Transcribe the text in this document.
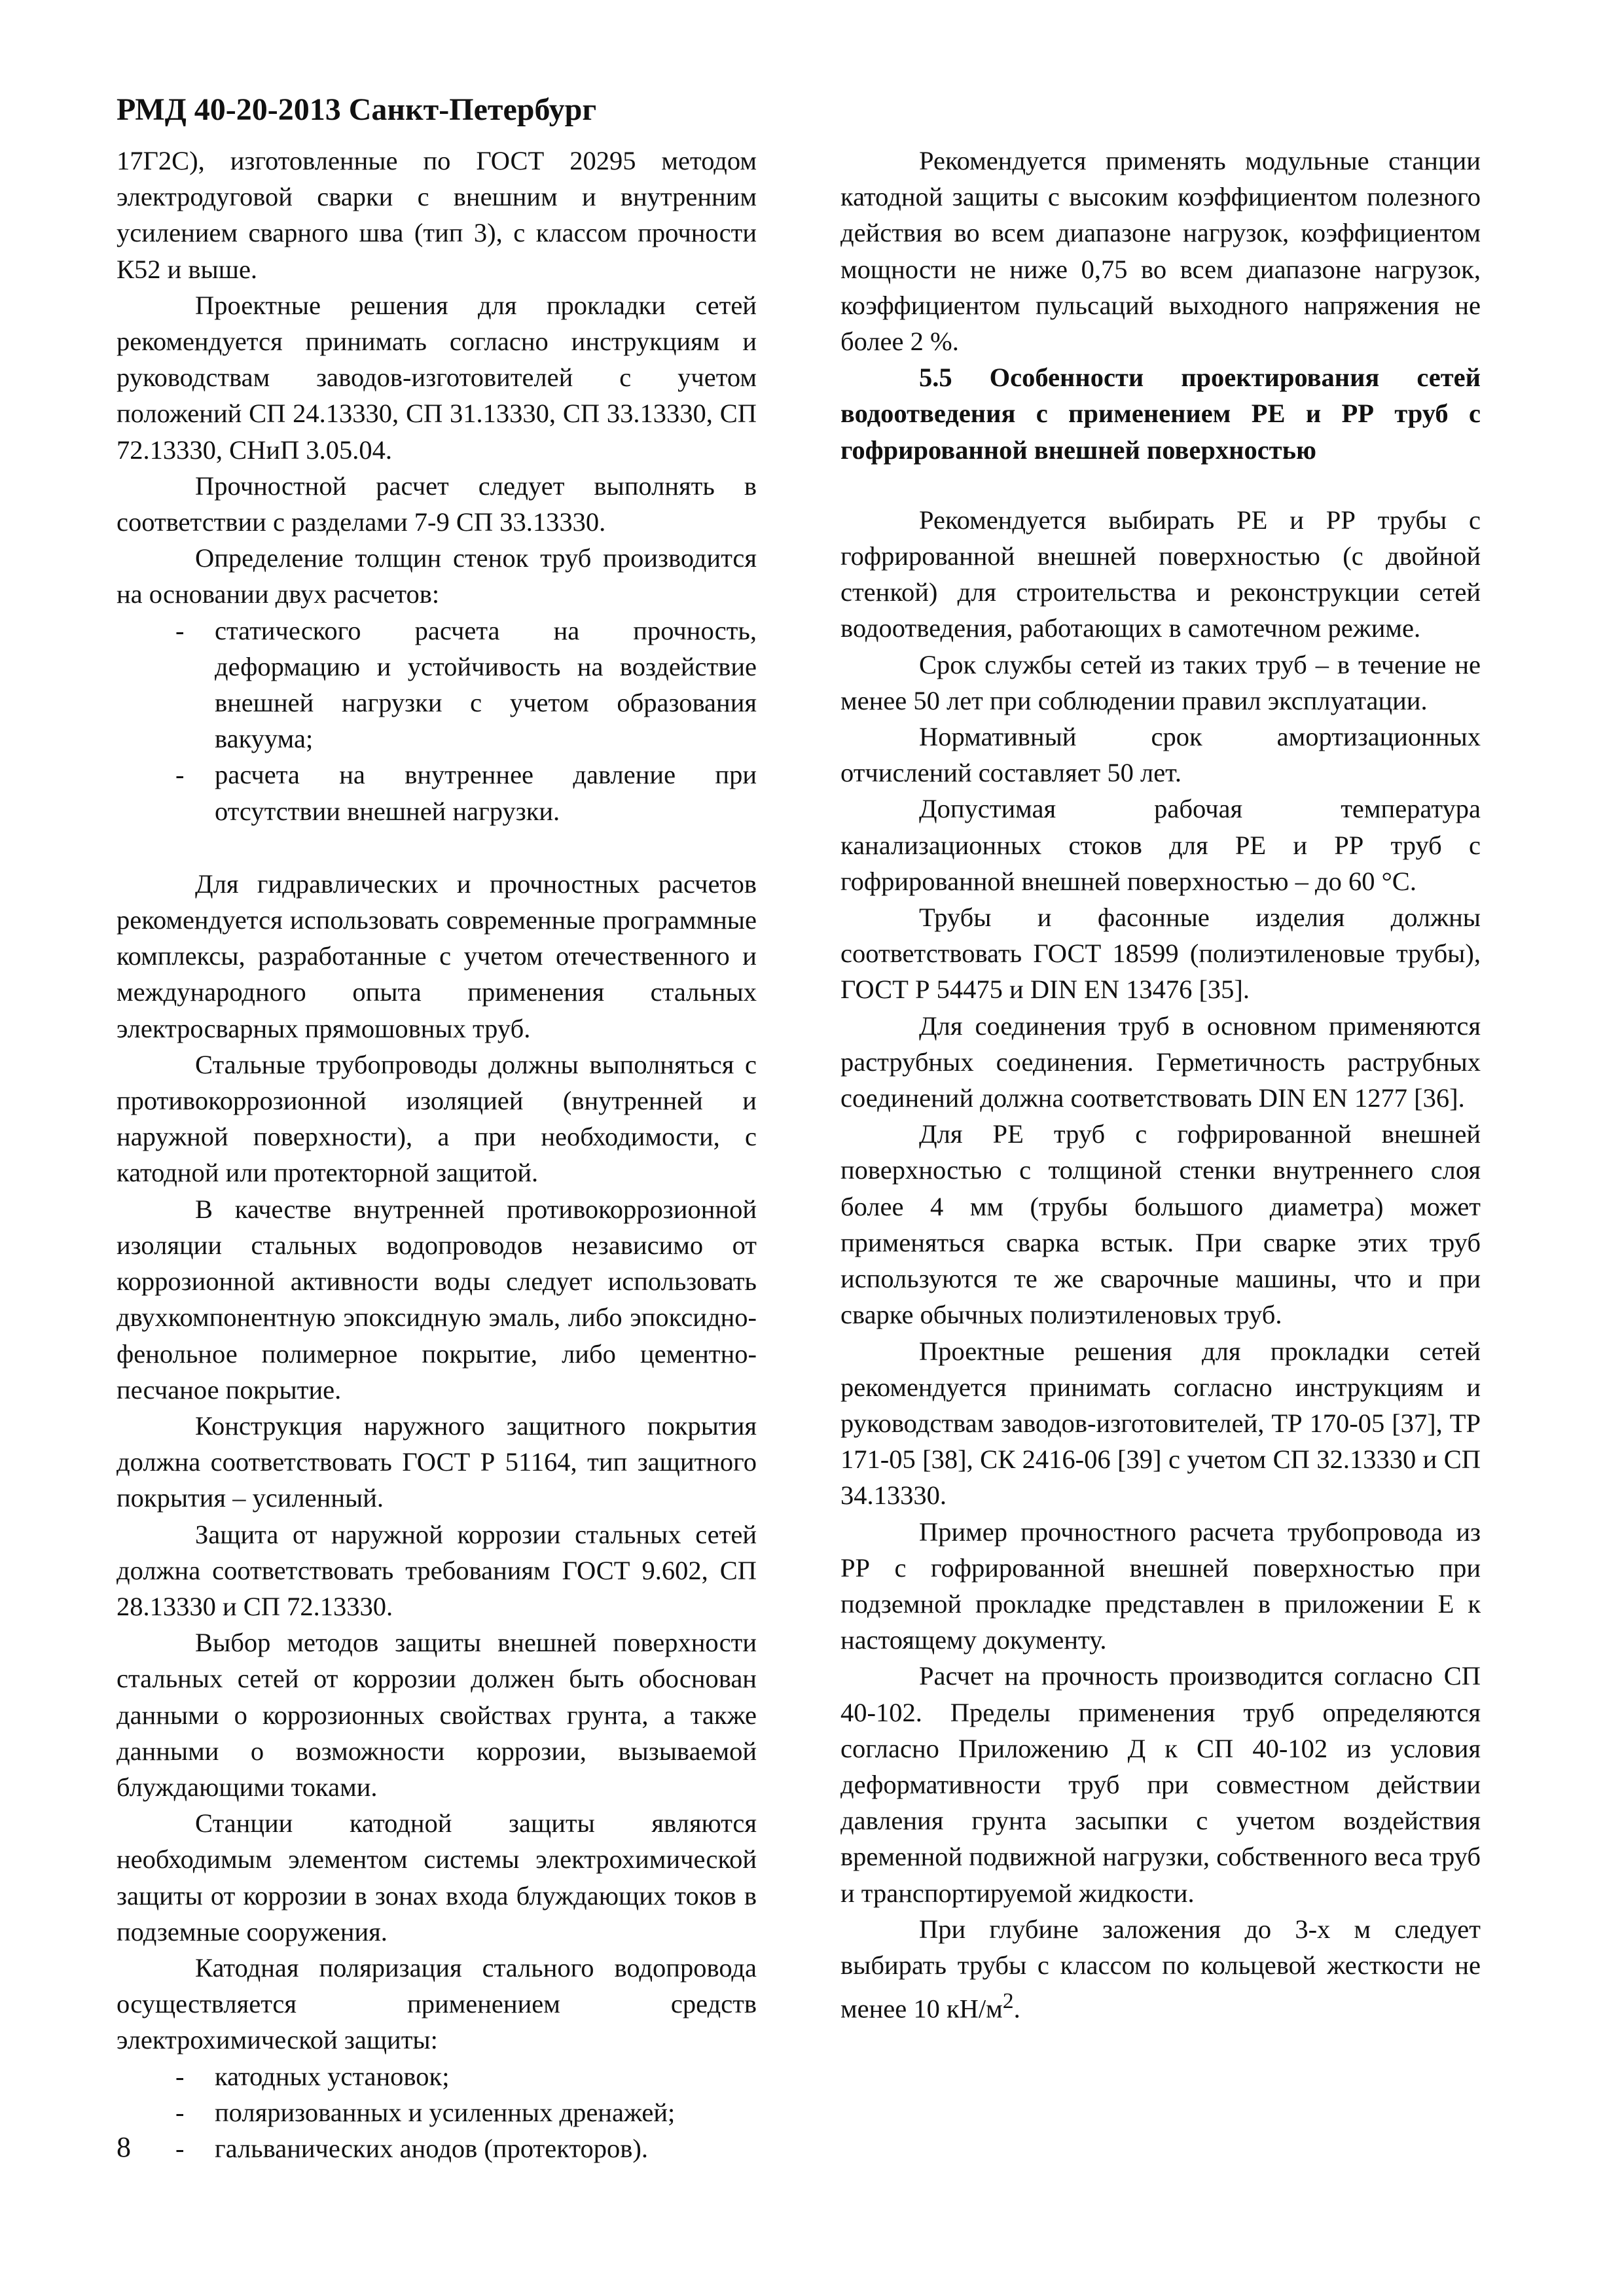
РМД 40-20-2013 Санкт-Петербург

17Г2С), изготовленные по ГОСТ 20295 методом электродуговой сварки с внешним и внутренним усилением сварного шва (тип 3), с классом прочности К52 и выше.

Проектные решения для прокладки сетей рекомендуется принимать согласно инструкциям и руководствам заводов-изготовителей с учетом положений СП 24.13330, СП 31.13330, СП 33.13330, СП 72.13330, СНиП 3.05.04.

Прочностной расчет следует выполнять в соответствии с разделами 7-9 СП 33.13330.

Определение толщин стенок труб производится на основании двух расчетов:

-	статического расчета на прочность, деформацию и устойчивость на воздействие внешней нагрузки с учетом образования вакуума;
-	расчета на внутреннее давление при отсутствии внешней нагрузки.

Для гидравлических и прочностных расчетов рекомендуется использовать современные программные комплексы, разработанные с учетом отечественного и международного опыта применения стальных электросварных прямошовных труб.

Стальные трубопроводы должны выполняться с противокоррозионной изоляцией (внутренней и наружной поверхности), а при необходимости, с катодной или протекторной защитой.

В качестве внутренней противокоррозионной изоляции стальных водопроводов независимо от коррозионной активности воды следует использовать двухкомпонентную эпоксидную эмаль, либо эпоксидно-фенольное полимерное покрытие, либо цементно-песчаное покрытие.

Конструкция наружного защитного покрытия должна соответствовать ГОСТ Р 51164, тип защитного покрытия – усиленный.

Защита от наружной коррозии стальных сетей должна соответствовать требованиям ГОСТ 9.602, СП 28.13330 и СП 72.13330.

Выбор методов защиты внешней поверхности стальных сетей от коррозии должен быть обоснован данными о коррозионных свойствах грунта, а также данными о возможности коррозии, вызываемой блуждающими токами.

Станции катодной защиты являются необходимым элементом системы электрохимической защиты от коррозии в зонах входа блуждающих токов в подземные сооружения.

Катодная поляризация стального водопровода осуществляется применением средств электрохимической защиты:

-	катодных установок;
-	поляризованных и усиленных дренажей;
-	гальванических анодов (протекторов).

Рекомендуется применять модульные станции катодной защиты с высоким коэффициентом полезного действия во всем диапазоне нагрузок, коэффициентом мощности не ниже 0,75 во всем диапазоне нагрузок, коэффициентом пульсаций выходного напряжения не более 2 %.

5.5 Особенности проектирования сетей водоотведения с применением РЕ и РР труб с гофрированной внешней поверхностью

Рекомендуется выбирать РЕ и РР трубы с гофрированной внешней поверхностью (с двойной стенкой) для строительства и реконструкции сетей водоотведения, работающих в самотечном режиме.

Срок службы сетей из таких труб – в течение не менее 50 лет при соблюдении правил эксплуатации.

Нормативный срок амортизационных отчислений составляет 50 лет.

Допустимая рабочая температура канализационных стоков для РЕ и РР труб с гофрированной внешней поверхностью – до 60 °С.

Трубы и фасонные изделия должны соответствовать ГОСТ 18599 (полиэтиленовые трубы), ГОСТ Р 54475 и DIN EN 13476 [35].

Для соединения труб в основном применяются раструбных соединения. Герметичность раструбных соединений должна соответствовать DIN EN 1277 [36].

Для РЕ труб с гофрированной внешней поверхностью с толщиной стенки внутреннего слоя более 4 мм (трубы большого диаметра) может применяться сварка встык. При сварке этих труб используются те же сварочные машины, что и при сварке обычных полиэтиленовых труб.

Проектные решения для прокладки сетей рекомендуется принимать согласно инструкциям и руководствам заводов-изготовителей, ТР 170-05 [37], ТР 171-05 [38], СК 2416-06 [39] с учетом СП 32.13330 и СП 34.13330.

Пример прочностного расчета трубопровода из РР с гофрированной внешней поверхностью при подземной прокладке представлен в приложении Е к настоящему документу.

Расчет на прочность производится согласно СП 40-102. Пределы применения труб определяются согласно Приложению Д к СП 40-102 из условия деформативности труб при совместном действии давления грунта засыпки с учетом воздействия временной подвижной нагрузки, собственного веса труб и транспортируемой жидкости.

При глубине заложения до 3-х м следует выбирать трубы с классом по кольцевой жесткости не менее 10 $кН/м^2$.

8
